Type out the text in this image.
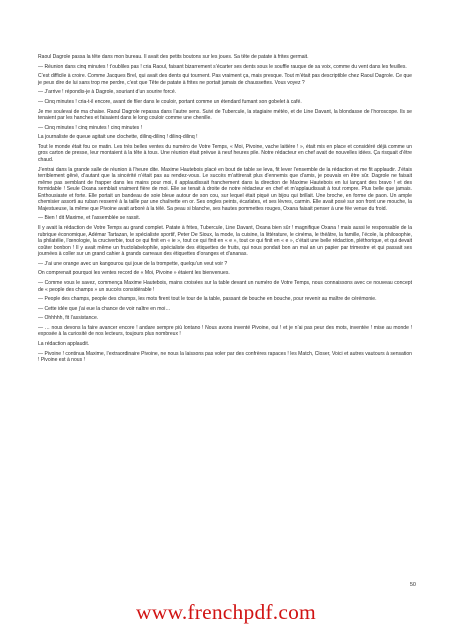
Raoul Dagrole passa la tête dans mon bureau. Il avait des petits boutons sur les joues. Sa tête de patate à frites germait.

— Réunion dans cinq minutes ! t’oubliles pas ! cria Raoul, faisant bizarrement s’écarter ses dents sous le souffle rauque de sa voix, comme du vent dans les feuilles.

C’est difficile à croire. Comme Jacques Brel, qui avait des dents qui tournent. Pas vraiment ça, mais presque. Tout m’était pas descriptible chez Raoul Dagrole. Ce que je peux dire de lui sans trop me perdre, c’est que Tête de patate à frites ne portait jamais de chaussettes. Vous voyez ?

— J’arrive ! répondis-je à Dagrole, souriant d’un sourire forcé.

— Cinq minutes ! cria-t-il encore, avant de filer dans le couloir, portant comme un étendard fumant son gobelet à café.

Je me soulevai de ma chaise. Raoul Dagrole repassa dans l’autre sens. Suivi de Tubercule, la stagiaire météo, et de Line Davant, la blondasse de l’horoscope. Ils se tenaient par les hanches et faisaient dans le long couloir comme une chenille.

— Cinq minutes ! cinq minutes ! cinq minutes !

La journaliste de queue agitait une clochette, dilinq-dilinq ! dilinq-dilinq !

Tout le monde était fou ce matin. Les très belles ventes du numéro de Votre Temps, « Moi, Pivoine, vache laitière ! », était mis en place et considéré déjà comme un gros carton de presse, leur montaient à la tête à tous. Une réunion était prévue à neuf heures pile. Notre rédacteur en chef avait de nouvelles idées. Ça risquait d’être chaud.

J’entrai dans la grande salle de réunion à l’heure dite. Maxime Hautebois placé en bout de table se leva, fit lever l’ensemble de la rédaction et me fit applaudir. J’étais terriblement gêné, d’autant que la sincérité n’était pas au rendez-vous. Le succès m’attirerait plus d’ennemis que d’amis, je pouvais en être sûr. Dagrole ne faisait même pas semblant de frapper dans les mains pour moi, il applaudissait franchement dans la direction de Maxime Hautebois en lui lançant des bravo ! et des formidable ! Seule Oxana semblait vraiment fière de moi. Elle se tenait à droite de notre rédacteur en chef et m’applaudissait à tout rompre. Plus belle que jamais. Enthousiaste et forte. Elle portait un bandeau de soie bleue autour de son cou, sur lequel était piqué un bijou qui brillait. Une broche, en forme de paon. Un ample chemisier assorti au ruban resserré à la taille par une chaînette en or. Ses ongles peints, écarlates, et ses lèvres, carmin. Elle avait posé sur son front une mouche, la Majestueuse, la même que Pivoine avait arboré à la télé. Sa peau si blanche, ses hautes pommettes rouges, Oxana faisait penser à une fée venue du froid.

— Bien ! dit Maxime, et l’assemblée se rassit.

Il y avait la rédaction de Votre Temps au grand complet. Patate à frites, Tubercule, Line Davant, Oxana bien sûr ! magnifique Oxana ! mais aussi le responsable de la rubrique économique, Adémar Tartazan, le spécialiste sportif, Peter De Sioux, la mode, la cuisine, la littérature, le cinéma, le théâtre, la famille, l’école, la philosophie, la philatélie, l’œnologie, la cruciverbie, tout ce qui finit en « ie », tout ce qui finit en « e », tout ce qui finit en « e », c’était une belle rédaction, pléthorique, et qui devait coûter bonbon ! Il y avait même un fructolabelophile, spécialiste des étiquettes de fruits, qui nous pondait bon an mal an un papier par trimestre et qui passait ses journées à coller sur un grand cahier à grands carreaux des étiquettes d’oranges et d’ananas.

— J’ai une orange avec un kangourou qui joue de la trompette, quelqu’un veut voir ?

On comprenait pourquoi les ventes record de « Moi, Pivoine » étaient les bienvenues.

— Comme vous le savez, commença Maxime Hautebois, mains croisées sur la table devant un numéro de Votre Temps, nous connaissons avec ce nouveau concept de « people des champs » un succès considérable !

— People des champs, people des champs, les mots firent tout le tour de la table, passant de bouche en bouche, pour revenir au maître de cérémonie.

— Cette idée que j’ai eue la chance de voir naître en moi…

— Ohhhhh, fit l’assistance.

— … nous devons la faire avancer encore ! andare sempre più lontano ! Nous avons inventé Pivoine, oui ! et je n’ai pas peur des mots, inventée ! mise au monde ! exposée à la curiosité de nos lecteurs, toujours plus nombreux !

La rédaction applaudit.

— Pivoine ! continua Maxime, l’extraordinaire Pivoine, ne nous la laissons pas voler par des confrères rapaces ! les Match, Closer, Voici et autres vautours à sensation ! Pivoine est à nous !

50
www.frenchpdf.com
